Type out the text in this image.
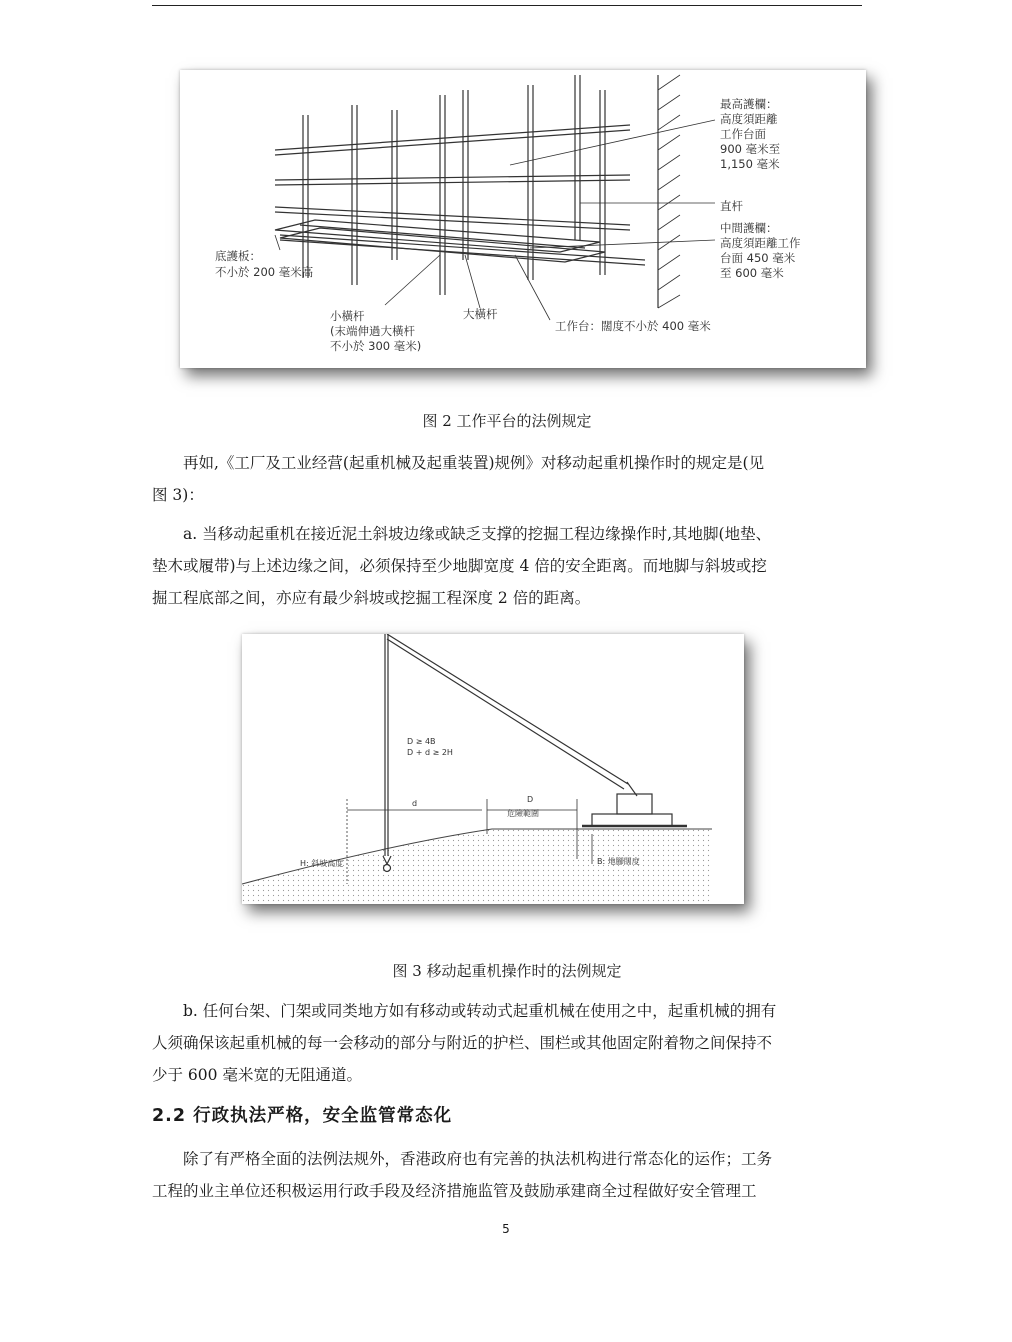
最高護欄：
高度須距離
工作台面
900 毫米至
1,150 毫米
直杆
中間護欄：
高度須距離工作
台面 450 毫米
至 600 毫米
底護板：
不小於 200 毫米高
小橫杆
(末端伸過大橫杆
不小於 300 毫米)
大橫杆
工作台：闊度不小於 400 毫米
图 2 工作平台的法例规定
再如,《工厂及工业经营(起重机械及起重装置)规例》对移动起重机操作时的规定是(见
图 3)：
a. 当移动起重机在接近泥土斜坡边缘或缺乏支撑的挖掘工程边缘操作时,其地脚(地垫、
垫木或履带)与上述边缘之间，必须保持至少地脚宽度 4 倍的安全距离。而地脚与斜坡或挖
掘工程底部之间，亦应有最少斜坡或挖掘工程深度 2 倍的距离。
D ≥ 4B
D + d ≥ 2H
d	D
危險範圍
H: 斜坡高度	B: 地腳闊度
图 3 移动起重机操作时的法例规定
b. 任何台架、门架或同类地方如有移动或转动式起重机械在使用之中，起重机械的拥有
人须确保该起重机械的每一会移动的部分与附近的护栏、围栏或其他固定附着物之间保持不
少于 600 毫米宽的无阻通道。
2.2 行政执法严格，安全监管常态化
除了有严格全面的法例法规外，香港政府也有完善的执法机构进行常态化的运作；工务
工程的业主单位还积极运用行政手段及经济措施监管及鼓励承建商全过程做好安全管理工
5
